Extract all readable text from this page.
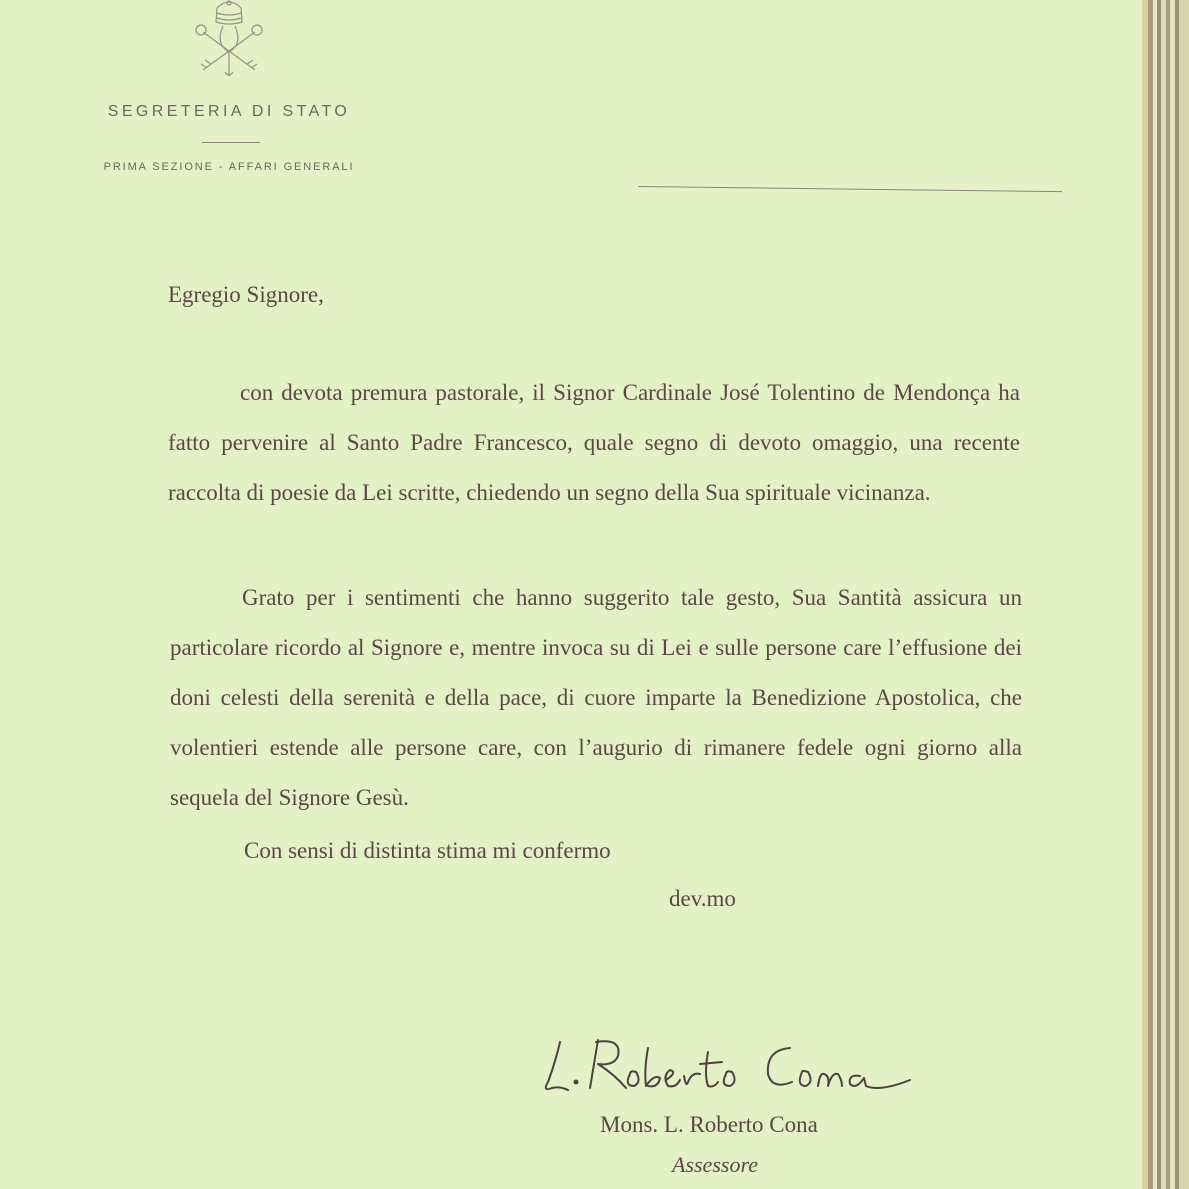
SEGRETERIA DI STATO
PRIMA SEZIONE - AFFARI GENERALI
Egregio Signore,

con devota premura pastorale, il Signor Cardinale José Tolentino de Mendonça ha fatto pervenire al Santo Padre Francesco, quale segno di devoto omaggio, una recente raccolta di poesie da Lei scritte, chiedendo un segno della Sua spirituale vicinanza.

Grato per i sentimenti che hanno suggerito tale gesto, Sua Santità assicura un particolare ricordo al Signore e, mentre invoca su di Lei e sulle persone care l’effusione dei doni celesti della serenità e della pace, di cuore imparte la Benedizione Apostolica, che volentieri estende alle persone care, con l’augurio di rimanere fedele ogni giorno alla sequela del Signore Gesù.

Con sensi di distinta stima mi confermo
dev.mo
Mons. L. Roberto Cona
Assessore
